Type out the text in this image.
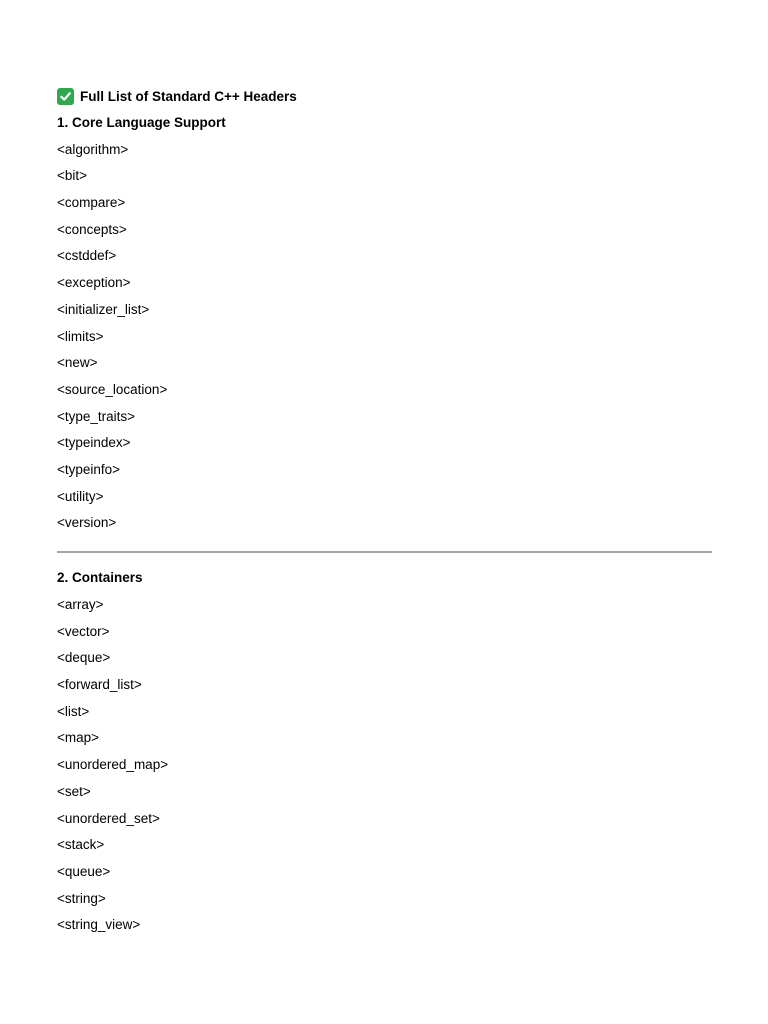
Full List of Standard C++ Headers
1. Core Language Support
<algorithm>
<bit>
<compare>
<concepts>
<cstddef>
<exception>
<initializer_list>
<limits>
<new>
<source_location>
<type_traits>
<typeindex>
<typeinfo>
<utility>
<version>
2. Containers
<array>
<vector>
<deque>
<forward_list>
<list>
<map>
<unordered_map>
<set>
<unordered_set>
<stack>
<queue>
<string>
<string_view>
